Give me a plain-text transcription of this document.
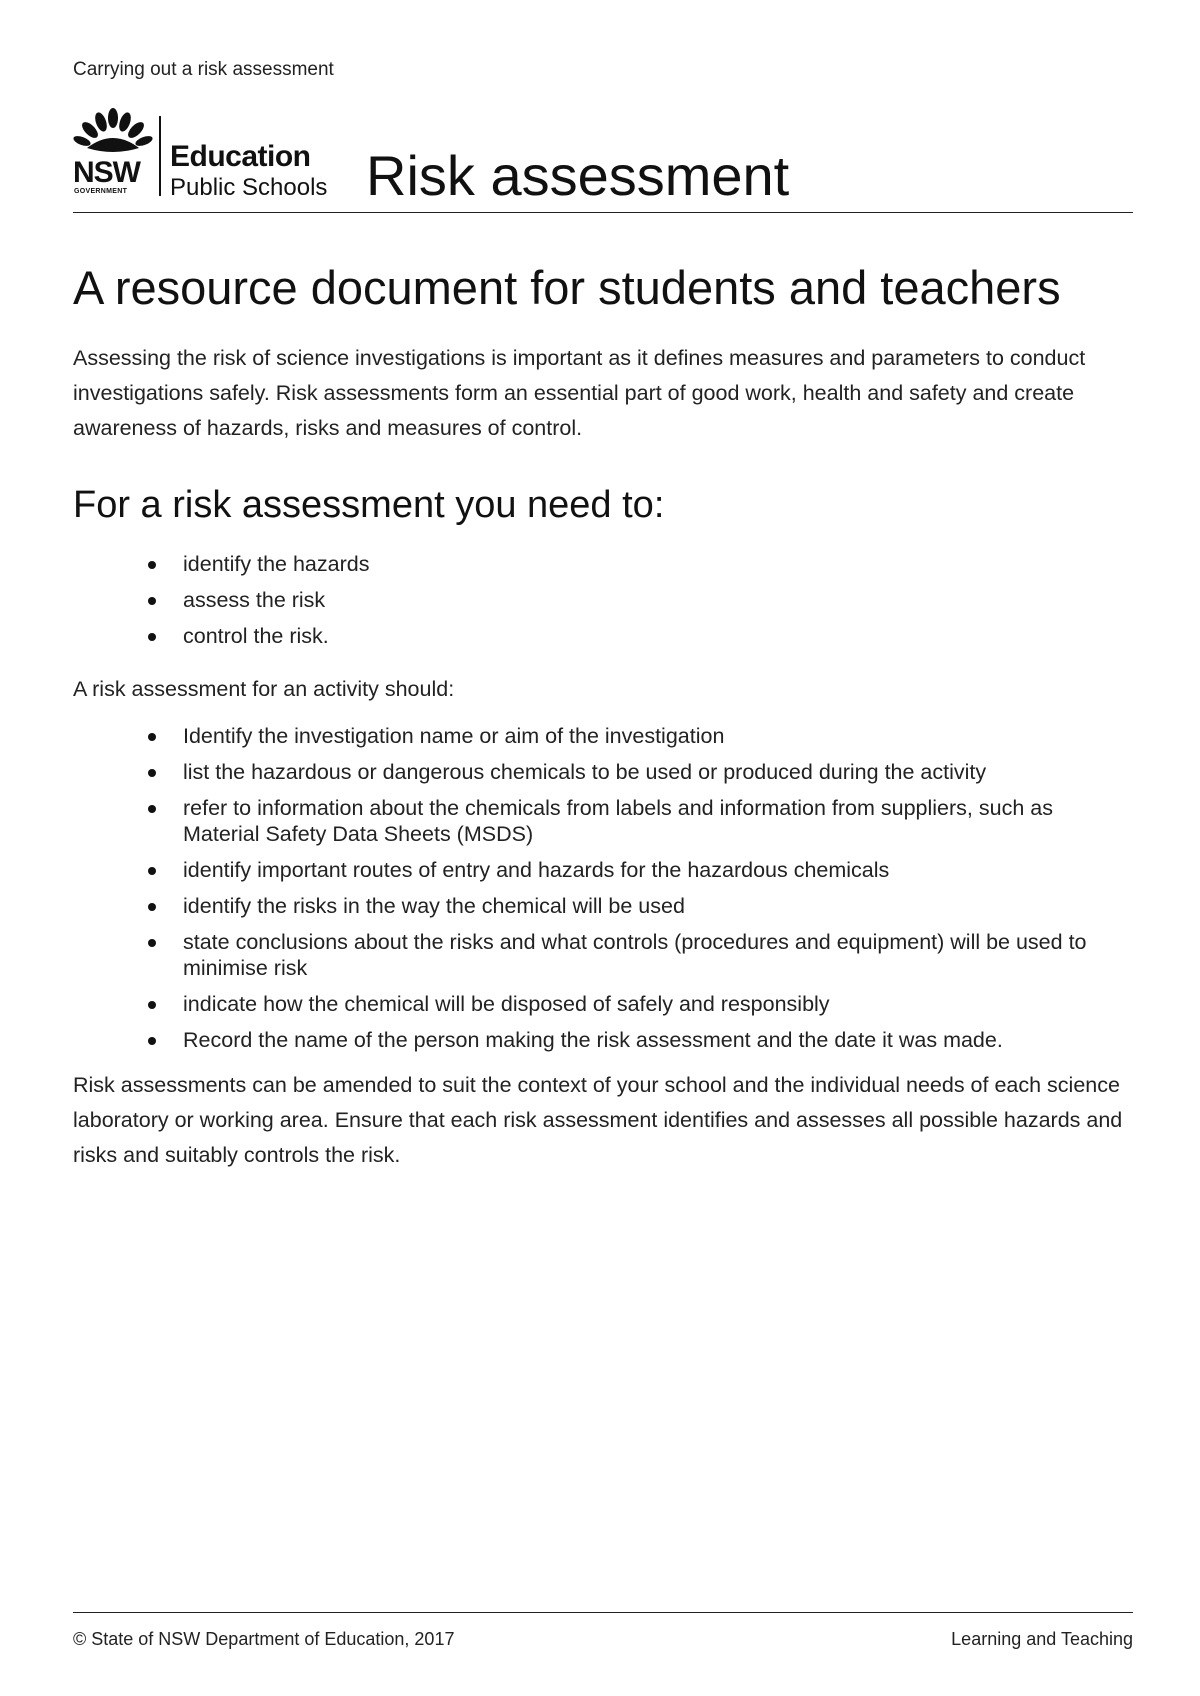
Carrying out a risk assessment
NSW
GOVERNMENT
Education
Public Schools Risk assessment
A resource document for students and teachers
Assessing the risk of science investigations is important as it defines measures and parameters to conduct investigations safely. Risk assessments form an essential part of good work, health and safety and create awareness of hazards, risks and measures of control.
For a risk assessment you need to:
identify the hazards
assess the risk
control the risk.
A risk assessment for an activity should:
Identify the investigation name or aim of the investigation
list the hazardous or dangerous chemicals to be used or produced during the activity
refer to information about the chemicals from labels and information from suppliers, such as Material Safety Data Sheets (MSDS)
identify important routes of entry and hazards for the hazardous chemicals
identify the risks in the way the chemical will be used
state conclusions about the risks and what controls (procedures and equipment) will be used to minimise risk
indicate how the chemical will be disposed of safely and responsibly
Record the name of the person making the risk assessment and the date it was made.
Risk assessments can be amended to suit the context of your school and the individual needs of each science laboratory or working area. Ensure that each risk assessment identifies and assesses all possible hazards and risks and suitably controls the risk.
© State of NSW Department of Education, 2017	Learning and Teaching
